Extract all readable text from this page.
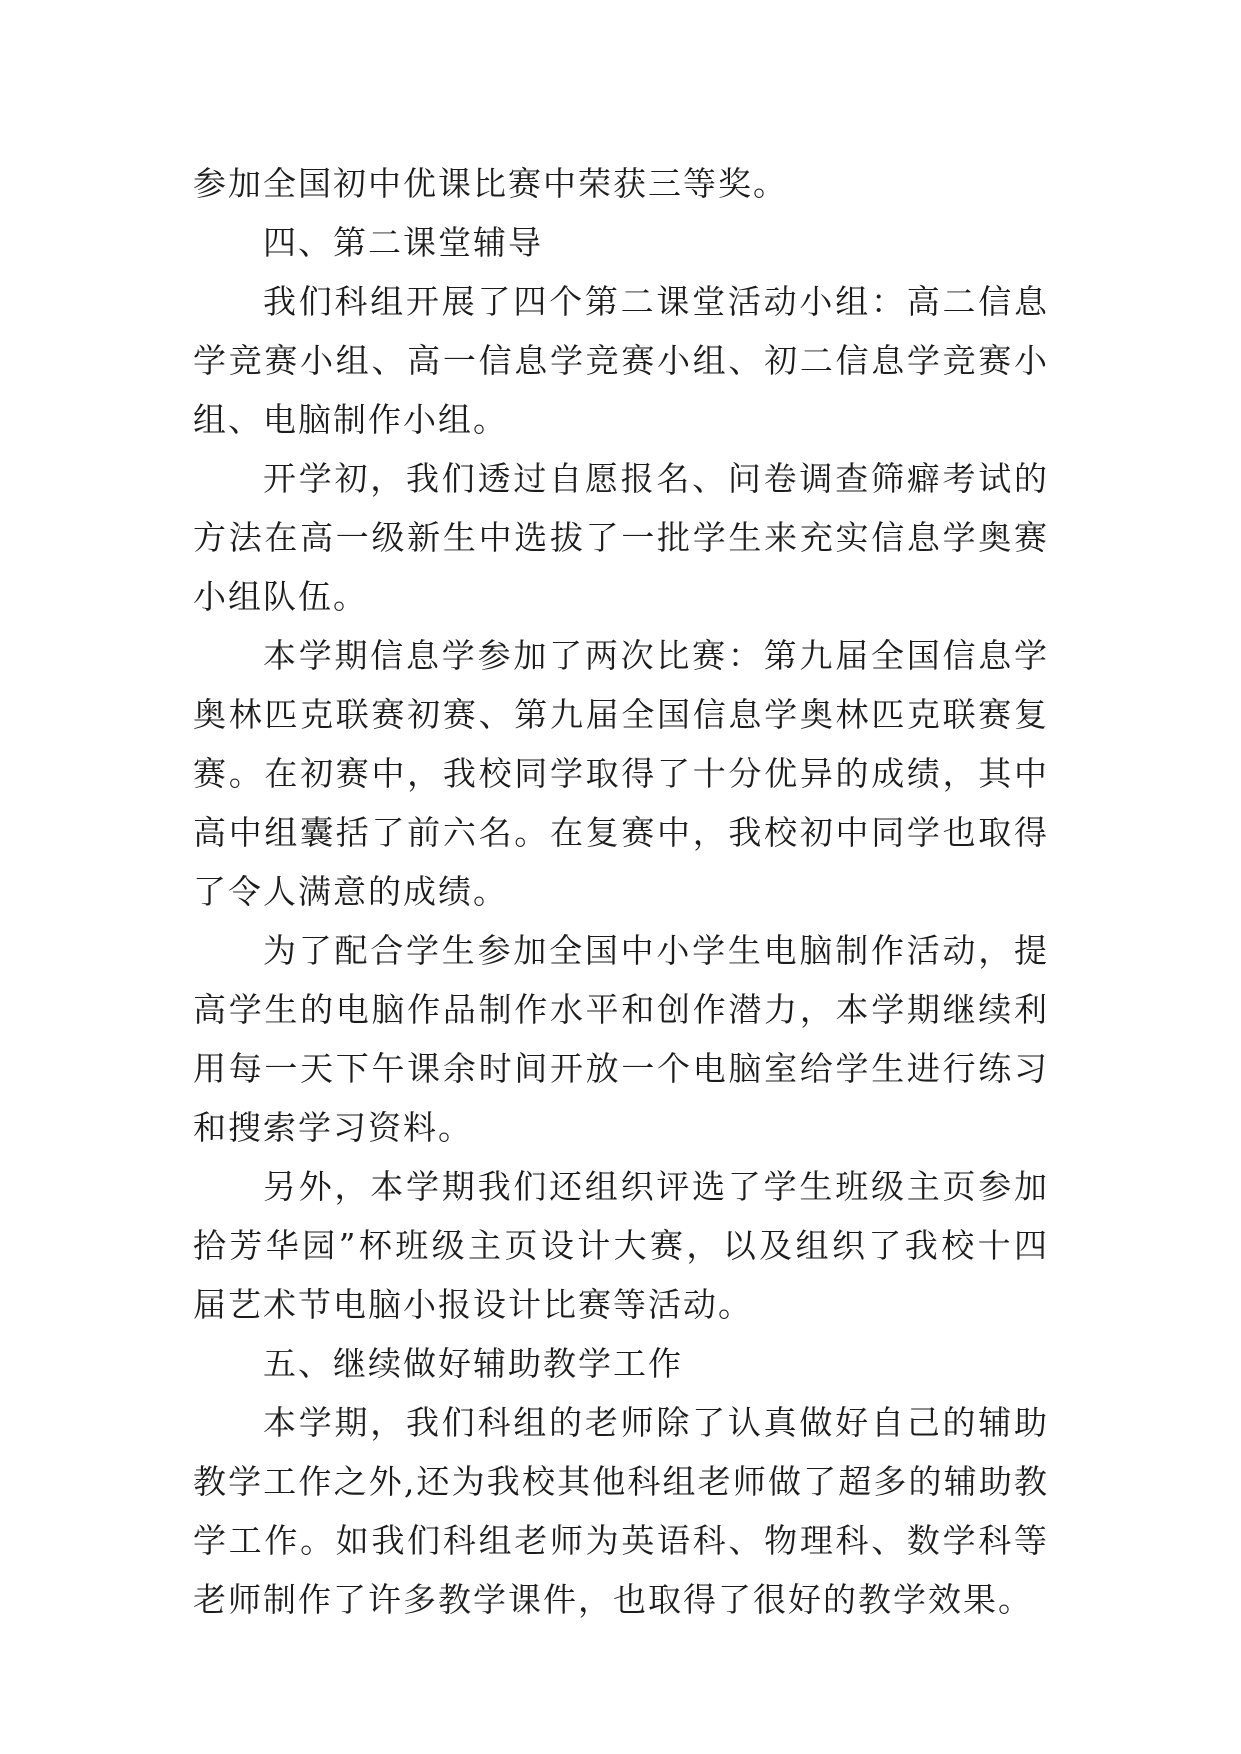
参加全国初中优课比赛中荣获三等奖。

四、第二课堂辅导

我们科组开展了四个第二课堂活动小组：高二信息学竞赛小组、高一信息学竞赛小组、初二信息学竞赛小组、电脑制作小组。

开学初，我们透过自愿报名、问卷调查筛癖考试的方法在高一级新生中选拔了一批学生来充实信息学奥赛小组队伍。

本学期信息学参加了两次比赛：第九届全国信息学奥林匹克联赛初赛、第九届全国信息学奥林匹克联赛复赛。在初赛中，我校同学取得了十分优异的成绩，其中高中组囊括了前六名。在复赛中，我校初中同学也取得了令人满意的成绩。

为了配合学生参加全国中小学生电脑制作活动，提高学生的电脑作品制作水平和创作潜力，本学期继续利用每一天下午课余时间开放一个电脑室给学生进行练习和搜索学习资料。

另外，本学期我们还组织评选了学生班级主页参加拾芳华园”杯班级主页设计大赛，以及组织了我校十四届艺术节电脑小报设计比赛等活动。

五、继续做好辅助教学工作

本学期，我们科组的老师除了认真做好自己的辅助教学工作之外,还为我校其他科组老师做了超多的辅助教学工作。如我们科组老师为英语科、物理科、数学科等老师制作了许多教学课件，也取得了很好的教学效果。
